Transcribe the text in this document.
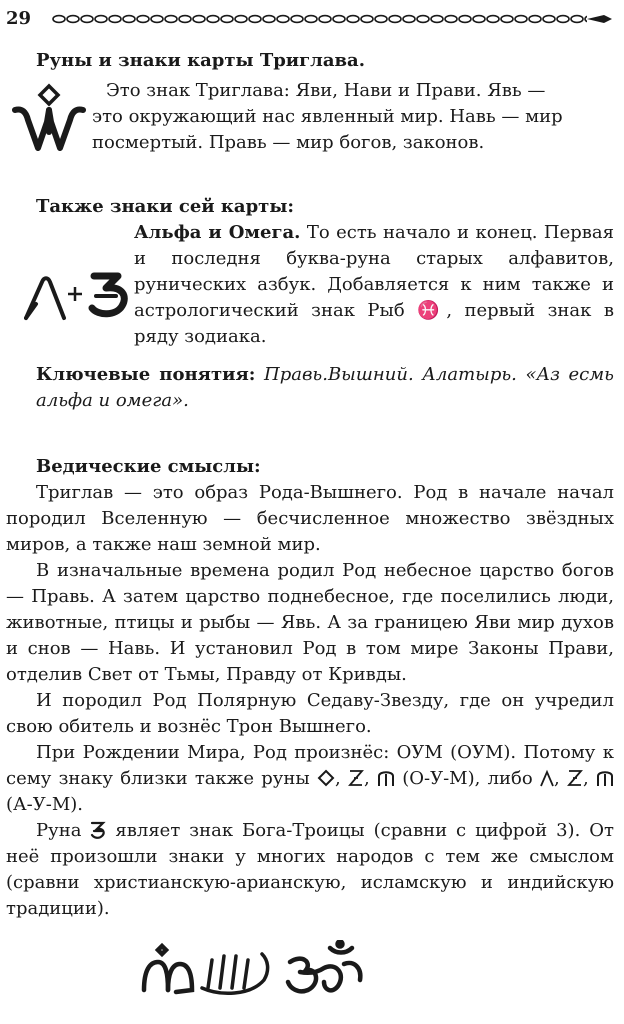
29

Руны и знаки карты Триглава.

Это знак Триглава: Яви, Нави и Прави. Явь —

это окружающий нас явленный мир. Навь — мир

посмертый. Правь — мир богов, законов.

Также знаки сей карты:

Альфа и Омега. То есть начало и конец. Первая и последня буква-руна старых алфавитов, рунических азбук. Добавляется к ним также и астрологический знак Рыб ♓, первый знак в ряду зодиака.

Ключевые понятия: Правь.Вышний. Алатырь. «Аз есмь альфа и омега».

Ведические смыслы:

Триглав — это образ Рода-Вышнего. Род в начале начал породил Вселенную — бесчисленное множество звёздных миров, а также наш земной мир.

В изначальные времена родил Род небесное царство богов — Правь. А затем царство поднебесное, где поселились люди, животные, птицы и рыбы — Явь. А за границею Яви мир духов и снов — Навь. И установил Род в том мире Законы Прави, отделив Свет от Тьмы, Правду от Кривды.

И породил Род Полярную Седаву-Звезду, где он учредил свою обитель и вознёс Трон Вышнего.

При Рождении Мира, Род произнёс: ОУМ (ОУМ). Потому к сему знаку близки также руны , ,  (О-У-М), либо , ,  (А-У-М).

Руна являет знак Бога-Троицы (сравни с цифрой 3). От неё произошли знаки у многих народов с тем же смыслом (сравни христианскую-арианскую, исламскую и индийскую традиции).
